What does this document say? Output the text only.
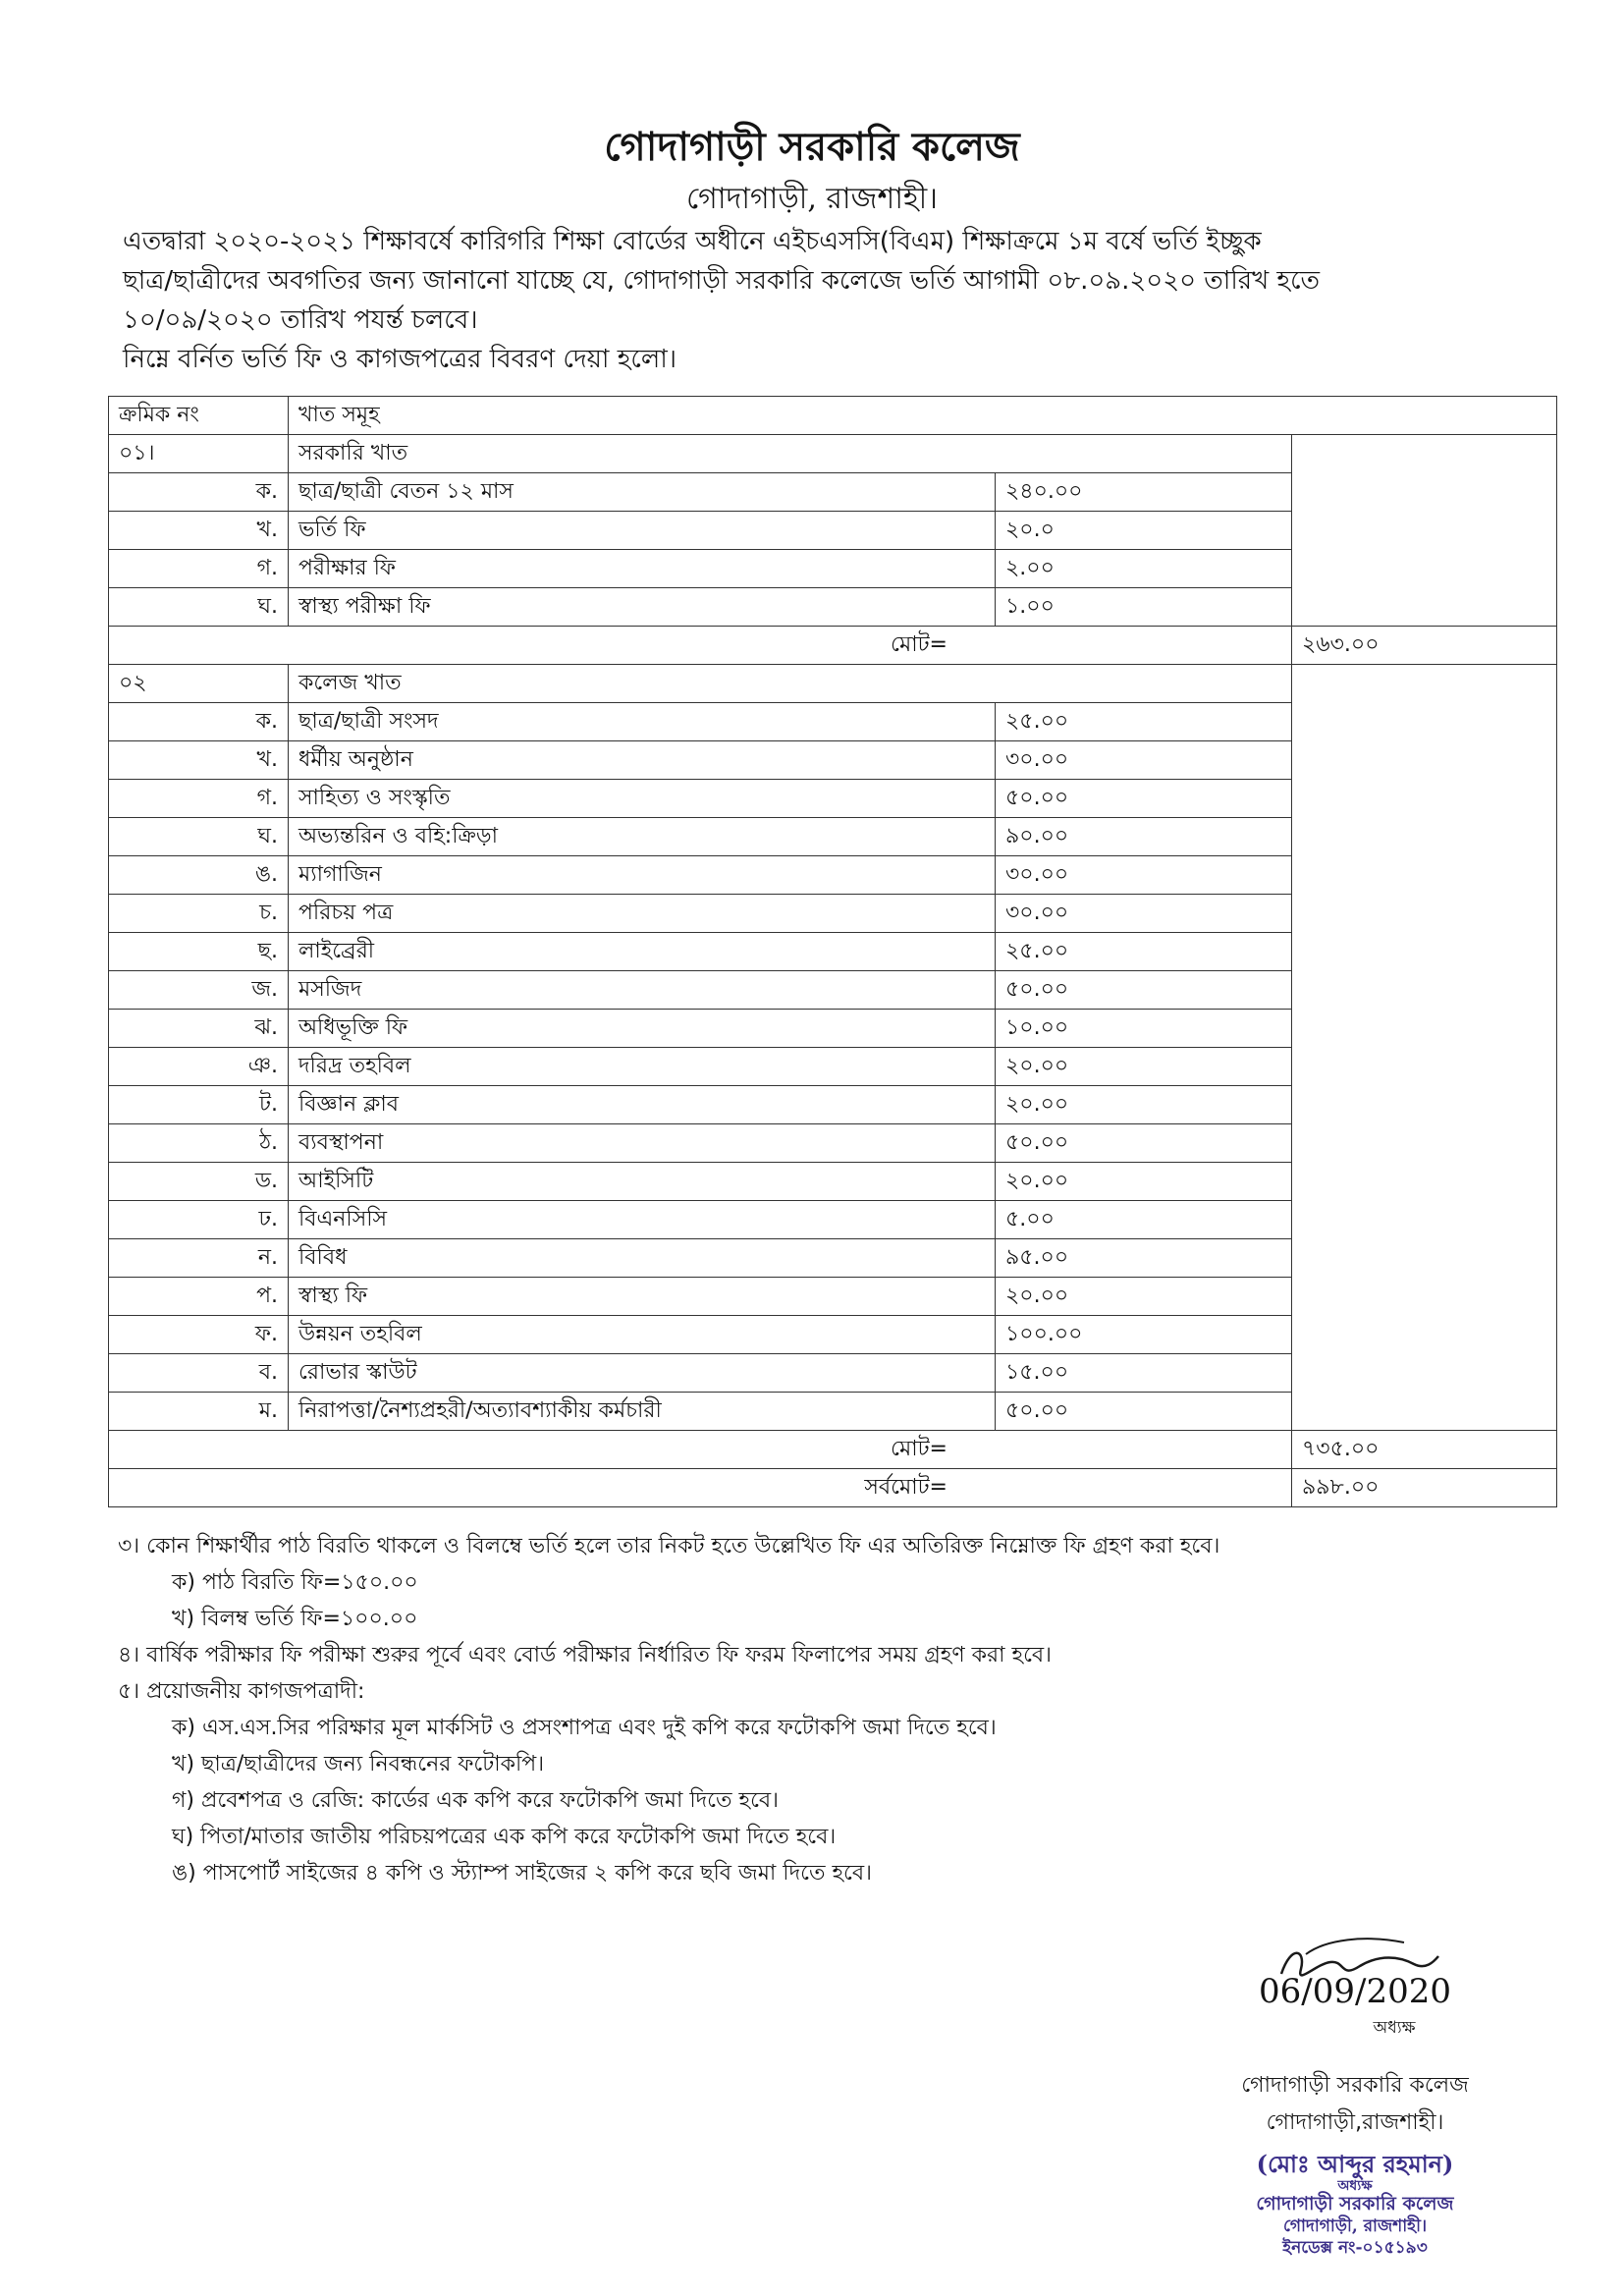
গোদাগাড়ী সরকারি কলেজ
গোদাগাড়ী, রাজশাহী।
এতদ্বারা ২০২০-২০২১ শিক্ষাবর্ষে কারিগরি শিক্ষা বোর্ডের অধীনে এইচএসসি(বিএম) শিক্ষাক্রমে ১ম বর্ষে ভর্তি ইচ্ছুক
ছাত্র/ছাত্রীদের অবগতির জন্য জানানো যাচ্ছে যে, গোদাগাড়ী সরকারি কলেজে ভর্তি আগামী ০৮.০৯.২০২০ তারিখ হতে
১০/০৯/২০২০ তারিখ পযর্ন্ত চলবে।
নিম্নে বর্নিত ভর্তি ফি ও কাগজপত্রের বিবরণ দেয়া হলো।
ক্রমিক নং	খাত সমূহ		
০১।	সরকারি খাত		
ক.	ছাত্র/ছাত্রী বেতন ১২ মাস	২৪০.০০	
খ.	ভর্তি ফি	২০.০	
গ.	পরীক্ষার ফি	২.০০	
ঘ.	স্বাস্থ্য পরীক্ষা ফি	১.০০	
মোট=			২৬৩.০০
০২	কলেজ খাত		
ক.	ছাত্র/ছাত্রী সংসদ	২৫.০০	
খ.	ধর্মীয় অনুষ্ঠান	৩০.০০	
গ.	সাহিত্য ও সংস্কৃতি	৫০.০০	
ঘ.	অভ্যন্তরিন ও বহি:ক্রিড়া	৯০.০০	
ঙ.	ম্যাগাজিন	৩০.০০	
চ.	পরিচয় পত্র	৩০.০০	
ছ.	লাইব্রেরী	২৫.০০	
জ.	মসজিদ	৫০.০০	
ঝ.	অধিভূক্তি ফি	১০.০০	
ঞ.	দরিদ্র তহবিল	২০.০০	
ট.	বিজ্ঞান ক্লাব	২০.০০	
ঠ.	ব্যবস্থাপনা	৫০.০০	
ড.	আইসিটি	২০.০০	
ঢ.	বিএনসিসি	৫.০০	
ন.	বিবিধ	৯৫.০০	
প.	স্বাস্থ্য ফি	২০.০০	
ফ.	উন্নয়ন তহবিল	১০০.০০	
ব.	রোভার স্কাউট	১৫.০০	
ম.	নিরাপত্তা/নৈশ্যপ্রহরী/অত্যাবশ্যাকীয় কর্মচারী	৫০.০০	
মোট=			৭৩৫.০০
সর্বমোট=			৯৯৮.০০
৩। কোন শিক্ষার্থীর পাঠ বিরতি থাকলে ও বিলম্বে ভর্তি হলে তার নিকট হতে উল্লেখিত ফি এর অতিরিক্ত নিম্নোক্ত ফি গ্রহণ করা হবে।
ক) পাঠ বিরতি ফি=১৫০.০০
খ) বিলম্ব ভর্তি ফি=১০০.০০
৪। বার্ষিক পরীক্ষার ফি পরীক্ষা শুরুর পূর্বে এবং বোর্ড পরীক্ষার নির্ধারিত ফি ফরম ফিলাপের সময় গ্রহণ করা হবে।
৫। প্রয়োজনীয় কাগজপত্রাদী:
ক) এস.এস.সির পরিক্ষার মূল মার্কসিট ও প্রসংশাপত্র এবং দুই কপি করে ফটোকপি জমা দিতে হবে।
খ) ছাত্র/ছাত্রীদের জন্য নিবন্ধনের ফটোকপি।
গ) প্রবেশপত্র ও রেজি: কার্ডের এক কপি করে ফটোকপি জমা দিতে হবে।
ঘ) পিতা/মাতার জাতীয় পরিচয়পত্রের এক কপি করে ফটোকপি জমা দিতে হবে।
ঙ) পাসপোর্ট সাইজের ৪ কপি ও স্ট্যাম্প সাইজের ২ কপি করে ছবি জমা দিতে হবে।
06/09/2020
অধ্যক্ষ
গোদাগাড়ী সরকারি কলেজ
গোদাগাড়ী,রাজশাহী।
(মোঃ আব্দুর রহমান)
অধ্যক্ষ
গোদাগাড়ী সরকারি কলেজ
গোদাগাড়ী, রাজশাহী।
ইনডেক্স নং-০১৫১৯৩
